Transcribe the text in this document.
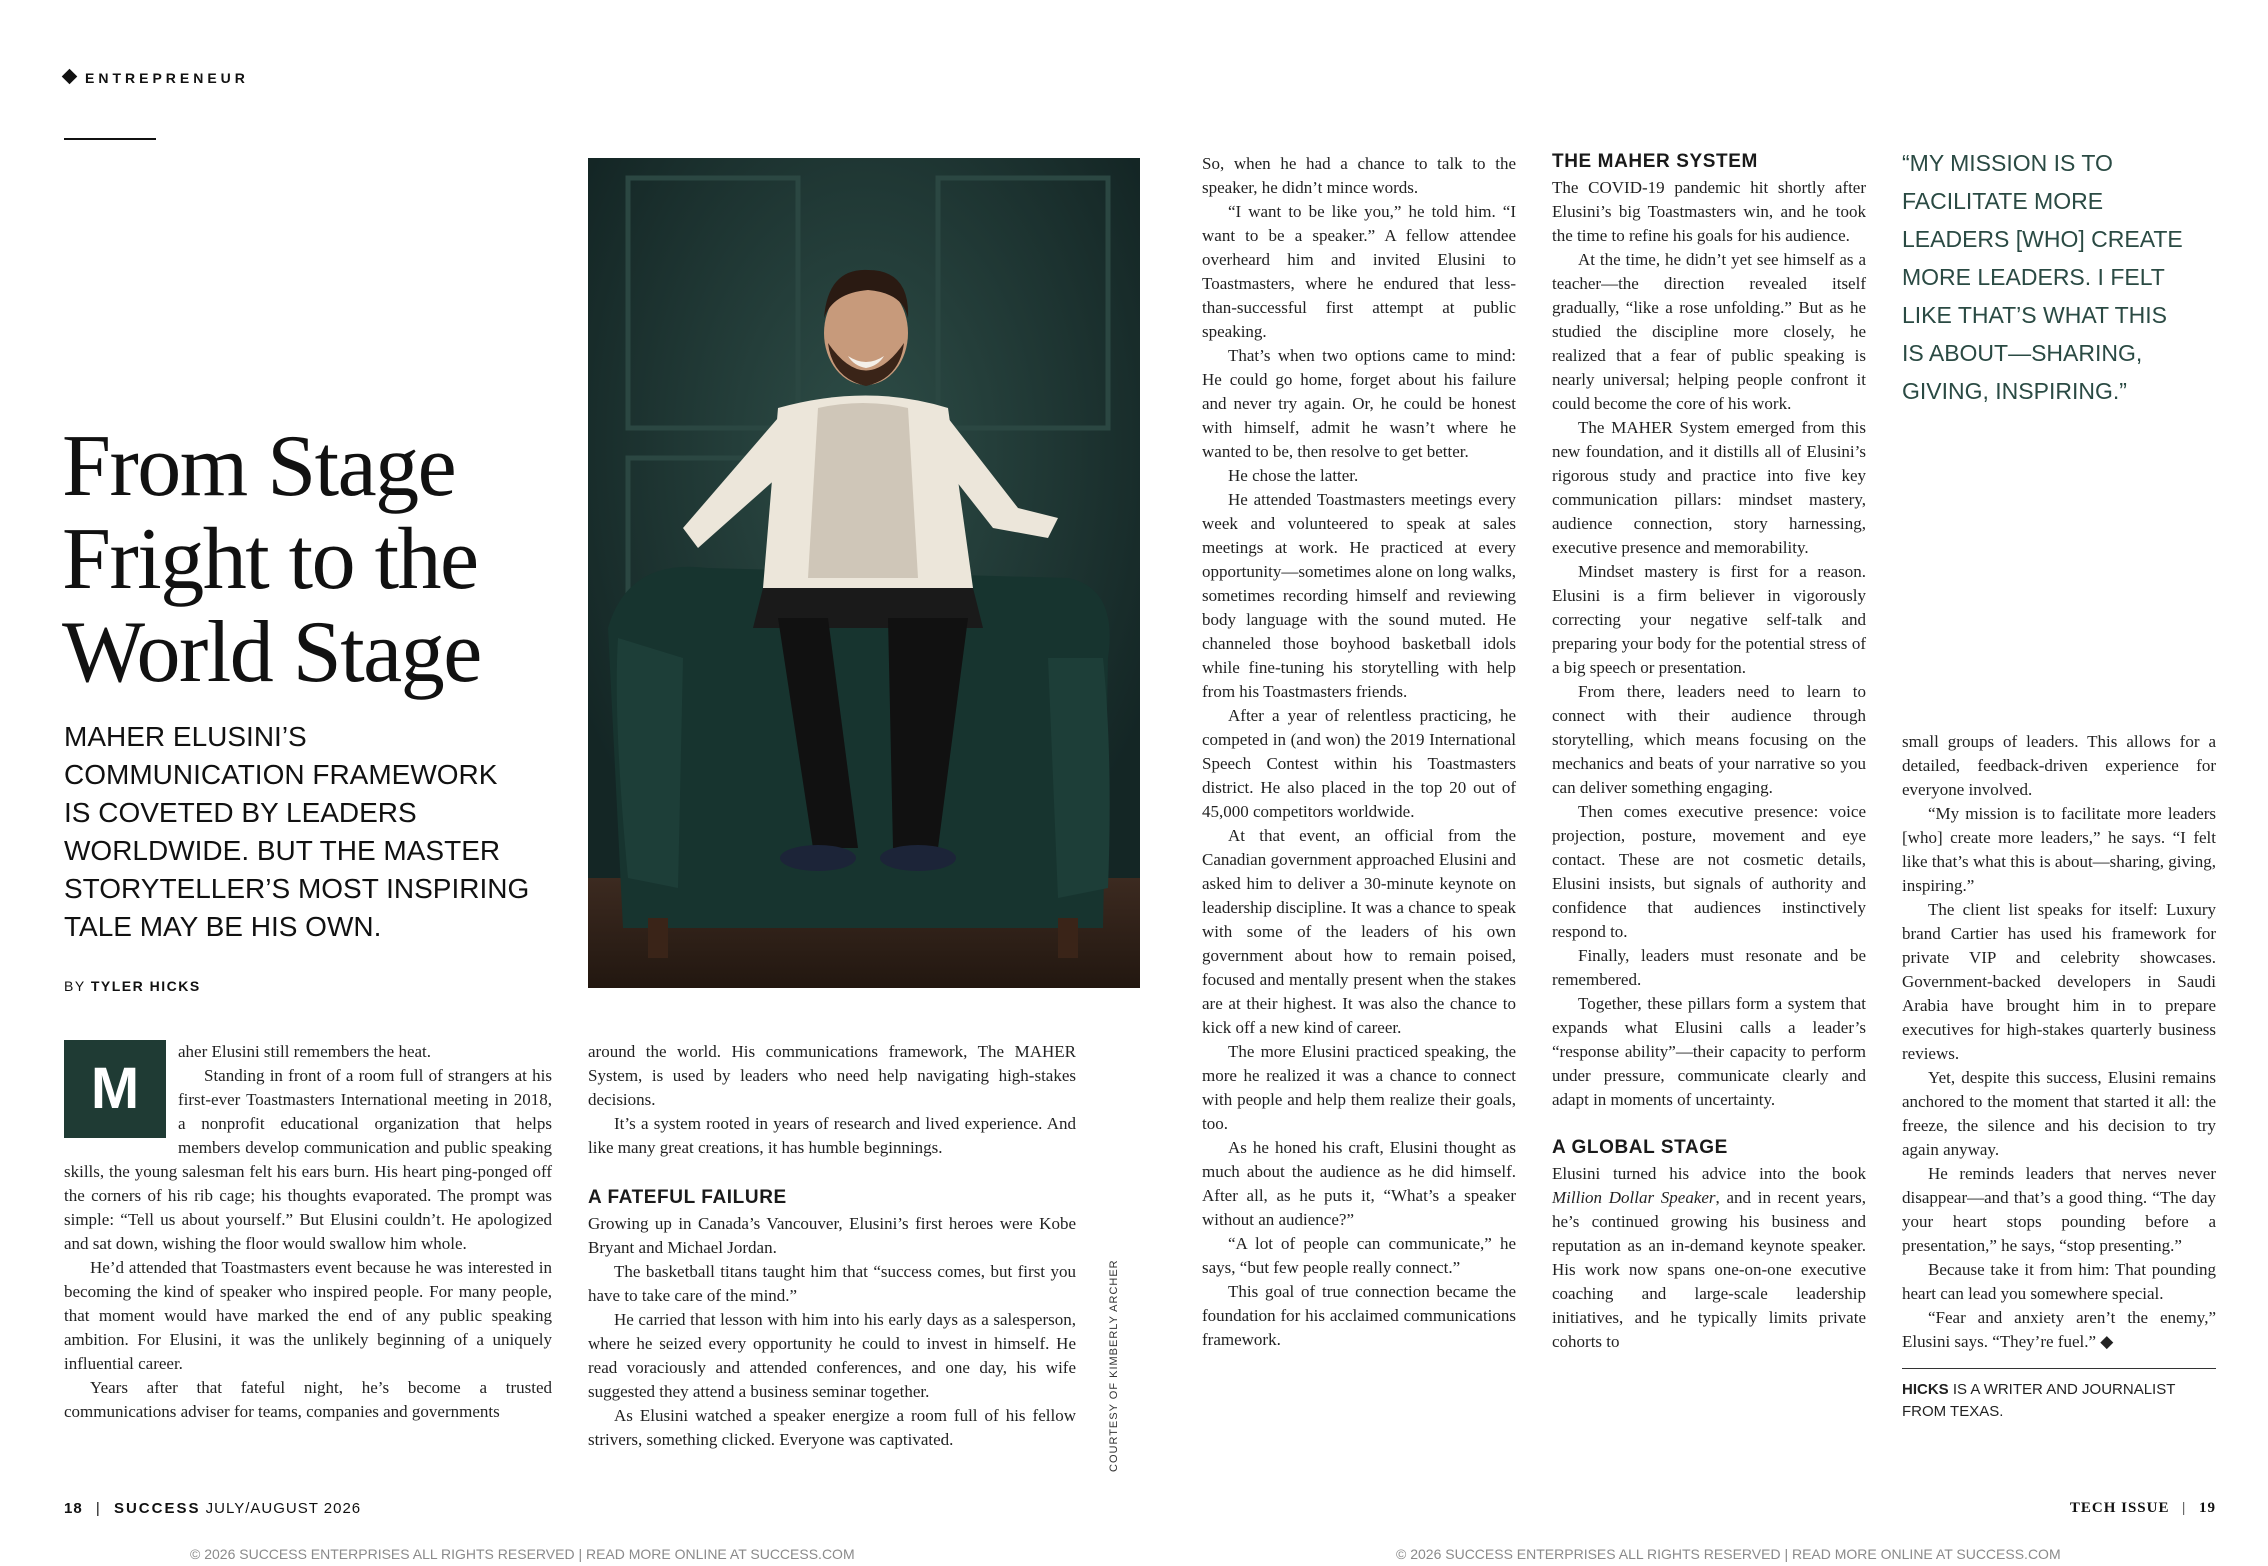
ENTREPRENEUR
From Stage
Fright to the
World Stage
MAHER ELUSINI’S
COMMUNICATION FRAMEWORK
IS COVETED BY LEADERS
WORLDWIDE. BUT THE MASTER
STORYTELLER’S MOST INSPIRING
TALE MAY BE HIS OWN.
BY TYLER HICKS
COURTESY OF KIMBERLY ARCHER
M

aher Elusini still remembers the heat.

Standing in front of a room full of strangers at his first-ever Toastmasters International meeting in 2018, a nonprofit educational organization that helps members develop communication and public speaking skills, the young salesman felt his ears burn. His heart ping-ponged off the corners of his rib cage; his thoughts evaporated. The prompt was simple: “Tell us about yourself.” But Elusini couldn’t. He apologized and sat down, wishing the floor would swallow him whole.

He’d attended that Toastmasters event because he was interested in becoming the kind of speaker who inspired people. For many people, that moment would have marked the end of any public speaking ambition. For Elusini, it was the unlikely beginning of a uniquely influential career.

Years after that fateful night, he’s become a trusted communications adviser for teams, companies and governments

around the world. His communications framework, The MAHER System, is used by leaders who need help navigating high-stakes decisions.

It’s a system rooted in years of research and lived experience. And like many great creations, it has humble beginnings.

A FATEFUL FAILURE

Growing up in Canada’s Vancouver, Elusini’s first heroes were Kobe Bryant and Michael Jordan.

The basketball titans taught him that “success comes, but first you have to take care of the mind.”

He carried that lesson with him into his early days as a salesperson, where he seized every opportunity he could to invest in himself. He read voraciously and attended conferences, and one day, his wife suggested they attend a business seminar together.

As Elusini watched a speaker energize a room full of his fellow strivers, something clicked. Everyone was captivated.

So, when he had a chance to talk to the speaker, he didn’t mince words.

“I want to be like you,” he told him. “I want to be a speaker.” A fellow attendee overheard him and invited Elusini to Toastmasters, where he endured that less-than-successful first attempt at public speaking.

That’s when two options came to mind: He could go home, forget about his failure and never try again. Or, he could be honest with himself, admit he wasn’t where he wanted to be, then resolve to get better.

He chose the latter.

He attended Toastmasters meetings every week and volunteered to speak at sales meetings at work. He practiced at every opportunity—sometimes alone on long walks, sometimes recording himself and reviewing body language with the sound muted. He channeled those boyhood basketball idols while fine-tuning his storytelling with help from his Toastmasters friends.

After a year of relentless practicing, he competed in (and won) the 2019 International Speech Contest within his Toastmasters district. He also placed in the top 20 out of 45,000 competitors worldwide.

At that event, an official from the Canadian government approached Elusini and asked him to deliver a 30-minute keynote on leadership discipline. It was a chance to speak with some of the leaders of his own government about how to remain poised, focused and mentally present when the stakes are at their highest. It was also the chance to kick off a new kind of career.

The more Elusini practiced speaking, the more he realized it was a chance to connect with people and help them realize their goals, too.

As he honed his craft, Elusini thought as much about the audience as he did himself. After all, as he puts it, “What’s a speaker without an audience?”

“A lot of people can communicate,” he says, “but few people really connect.”

This goal of true connection became the foundation for his acclaimed communications framework.

THE MAHER SYSTEM

The COVID-19 pandemic hit shortly after Elusini’s big Toastmasters win, and he took the time to refine his goals for his audience.

At the time, he didn’t yet see himself as a teacher—the direction revealed itself gradually, “like a rose unfolding.” But as he studied the discipline more closely, he realized that a fear of public speaking is nearly universal; helping people confront it could become the core of his work.

The MAHER System emerged from this new foundation, and it distills all of Elusini’s rigorous study and practice into five key communication pillars: mindset mastery, audience connection, story harnessing, executive presence and memorability.

Mindset mastery is first for a reason. Elusini is a firm believer in vigorously correcting your negative self-talk and preparing your body for the potential stress of a big speech or presentation.

From there, leaders need to learn to connect with their audience through storytelling, which means focusing on the mechanics and beats of your narrative so you can deliver something engaging.

Then comes executive presence: voice projection, posture, movement and eye contact. These are not cosmetic details, Elusini insists, but signals of authority and confidence that audiences instinctively respond to.

Finally, leaders must resonate and be remembered.

Together, these pillars form a system that expands what Elusini calls a leader’s “response ability”—their capacity to perform under pressure, communicate clearly and adapt in moments of uncertainty.

A GLOBAL STAGE

Elusini turned his advice into the book Million Dollar Speaker, and in recent years, he’s continued growing his business and reputation as an in-demand keynote speaker. His work now spans one-on-one executive coaching and large-scale leadership initiatives, and he typically limits private cohorts to

“MY MISSION IS TO FACILITATE MORE LEADERS [WHO] CREATE MORE LEADERS. I FELT LIKE THAT’S WHAT THIS IS ABOUT—SHARING, GIVING, INSPIRING.”

small groups of leaders. This allows for a detailed, feedback-driven experience for everyone involved.

“My mission is to facilitate more leaders [who] create more leaders,” he says. “I felt like that’s what this is about—sharing, giving, inspiring.”

The client list speaks for itself: Luxury brand Cartier has used his framework for private VIP and celebrity showcases. Government-backed developers in Saudi Arabia have brought him in to prepare executives for high-stakes quarterly business reviews.

Yet, despite this success, Elusini remains anchored to the moment that started it all: the freeze, the silence and his decision to try again anyway.

He reminds leaders that nerves never disappear—and that’s a good thing. “The day your heart stops pounding before a presentation,” he says, “stop presenting.”

Because take it from him: That pounding heart can lead you somewhere special.

“Fear and anxiety aren’t the enemy,” Elusini says. “They’re fuel.” ◆

HICKS IS A WRITER AND JOURNALIST FROM TEXAS.
18 | SUCCESS JULY/AUGUST 2026	TECH ISSUE | 19
© 2026 SUCCESS ENTERPRISES ALL RIGHTS RESERVED | READ MORE ONLINE AT SUCCESS.COM	© 2026 SUCCESS ENTERPRISES ALL RIGHTS RESERVED | READ MORE ONLINE AT SUCCESS.COM
